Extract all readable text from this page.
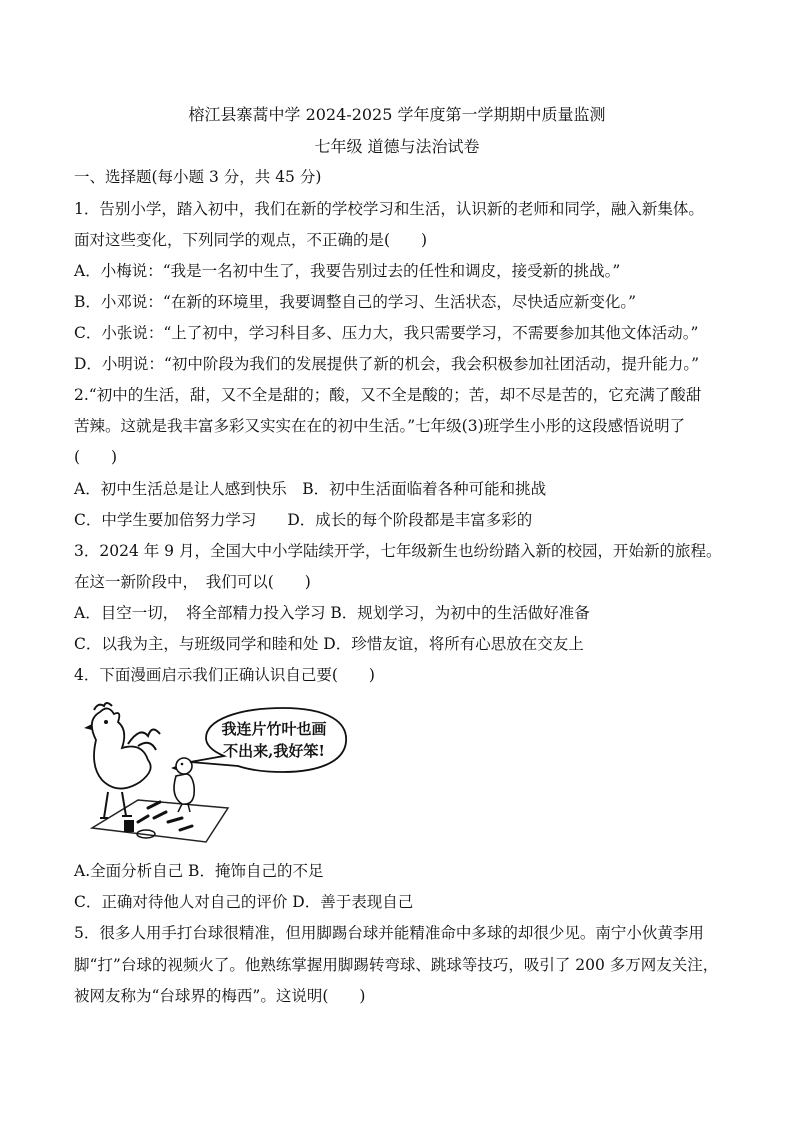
榕江县寨蒿中学 2024-2025 学年度第一学期期中质量监测
七年级 道德与法治试卷
一、选择题(每小题 3 分，共 45 分)
1．告别小学，踏入初中，我们在新的学校学习和生活，认识新的老师和同学，融入新集体。
面对这些变化，下列同学的观点，不正确的是(　　)
A．小梅说：“我是一名初中生了，我要告别过去的任性和调皮，接受新的挑战。”
B．小邓说：“在新的环境里，我要调整自己的学习、生活状态，尽快适应新变化。”
C．小张说：“上了初中，学习科目多、压力大，我只需要学习，不需要参加其他文体活动。”
D．小明说：“初中阶段为我们的发展提供了新的机会，我会积极参加社团活动，提升能力。”
2.“初中的生活，甜，又不全是甜的；酸，又不全是酸的；苦，却不尽是苦的，它充满了酸甜
苦辣。这就是我丰富多彩又实实在在的初中生活。”七年级(3)班学生小彤的这段感悟说明了
(　　)
A．初中生活总是让人感到快乐　B．初中生活面临着各种可能和挑战
C．中学生要加倍努力学习　　D．成长的每个阶段都是丰富多彩的
3．2024 年 9 月，全国大中小学陆续开学，七年级新生也纷纷踏入新的校园，开始新的旅程。
在这一新阶段中，　我们可以(　　)
A．目空一切，　将全部精力投入学习 B．规划学习，为初中的生活做好准备
C．以我为主，与班级同学和睦和处 D．珍惜友谊，将所有心思放在交友上
4．下面漫画启示我们正确认识自己要(　　)
我连片竹叶也画
不出来,我好笨!
A.全面分析自己 B．掩饰自己的不足
C．正确对待他人对自己的评价 D．善于表现自己
5．很多人用手打台球很精准，但用脚踢台球并能精准命中多球的却很少见。南宁小伙黄李用
脚“打”台球的视频火了。他熟练掌握用脚踢转弯球、跳球等技巧，吸引了 200 多万网友关注，
被网友称为“台球界的梅西”。这说明(　　)
